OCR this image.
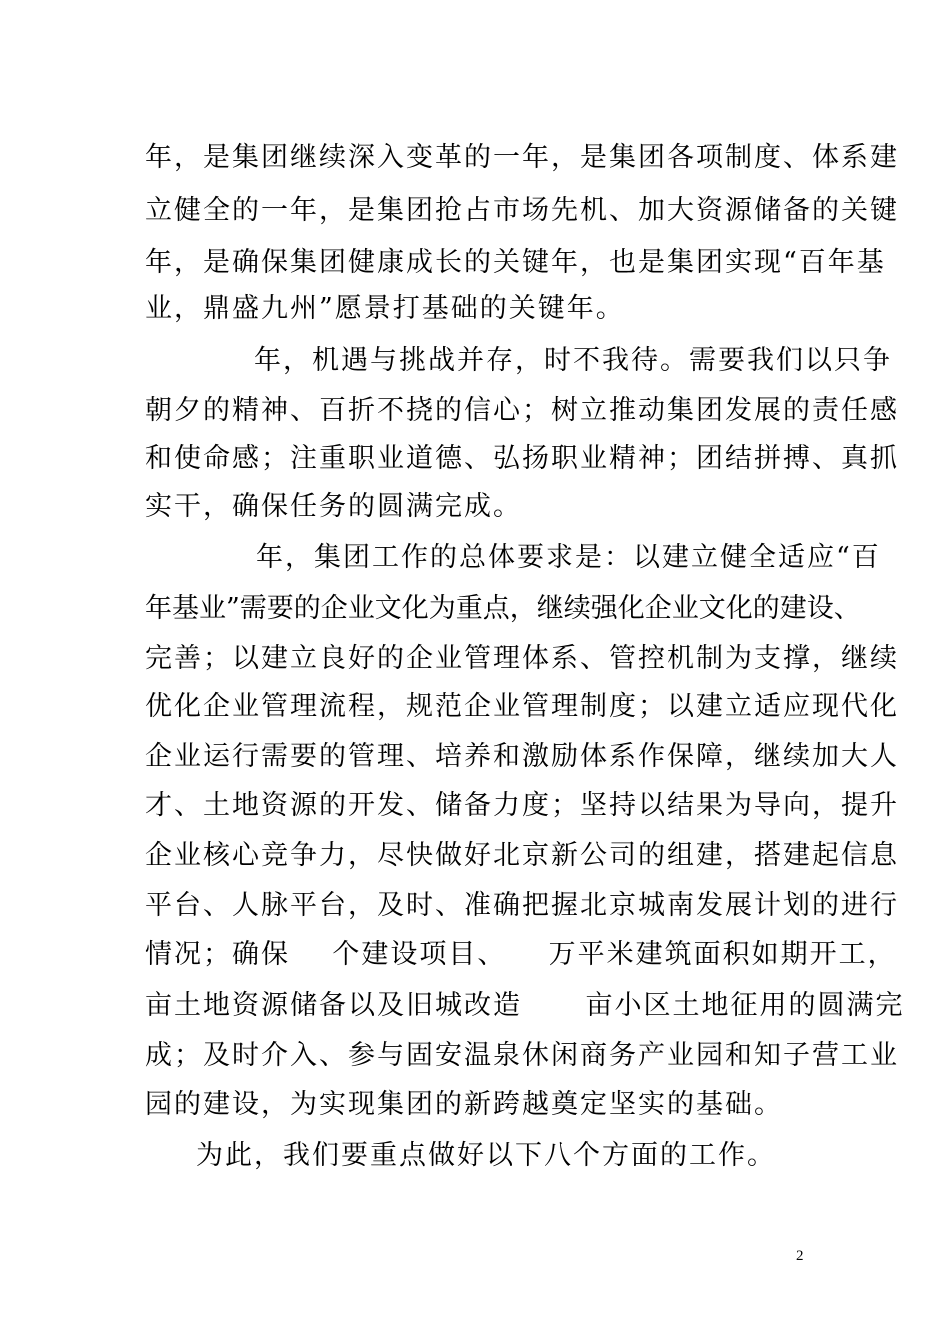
年，是集团继续深入变革的一年，是集团各项制度、体系建
立健全的一年，是集团抢占市场先机、加大资源储备的关键
年，是确保集团健康成长的关键年，也是集团实现“百年基
业，鼎盛九州”愿景打基础的关键年。
年，机遇与挑战并存，时不我待。需要我们以只争
朝夕的精神、百折不挠的信心；树立推动集团发展的责任感
和使命感；注重职业道德、弘扬职业精神；团结拼搏、真抓
实干，确保任务的圆满完成。
年，集团工作的总体要求是：以建立健全适应“百
年基业”需要的企业文化为重点，继续强化企业文化的建设、
完善；以建立良好的企业管理体系、管控机制为支撑，继续
优化企业管理流程，规范企业管理制度；以建立适应现代化
企业运行需要的管理、培养和激励体系作保障，继续加大人
才、土地资源的开发、储备力度；坚持以结果为导向，提升
企业核心竞争力，尽快做好北京新公司的组建，搭建起信息
平台、人脉平台，及时、准确把握北京城南发展计划的进行
情况；确保    个建设项目、    万平米建筑面积如期开工，
亩土地资源储备以及旧城改造      亩小区土地征用的圆满完
成；及时介入、参与固安温泉休闲商务产业园和知子营工业
园的建设，为实现集团的新跨越奠定坚实的基础。
为此，我们要重点做好以下八个方面的工作。
2
